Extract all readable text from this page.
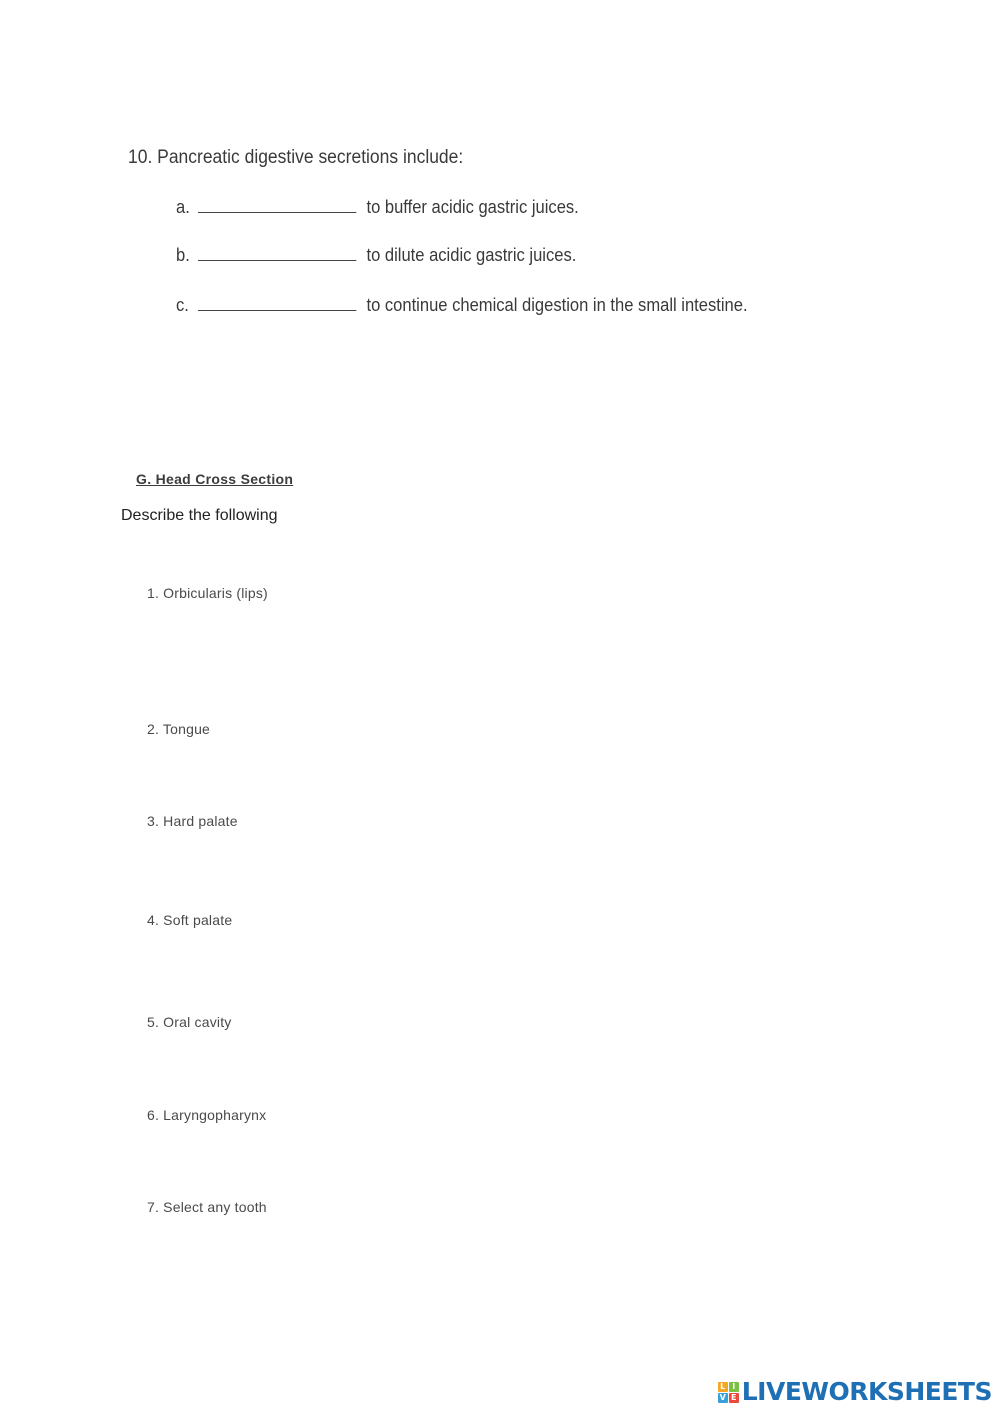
10. Pancreatic digestive secretions include:
a.	to buffer acidic gastric juices.
b.	to dilute acidic gastric juices.
c.	to continue chemical digestion in the small intestine.
G. Head Cross Section
Describe the following
1. Orbicularis (lips)
2. Tongue
3. Hard palate
4. Soft palate
5. Oral cavity
6. Laryngopharynx
7. Select any tooth
L I
V E LIVEWORKSHEETS
